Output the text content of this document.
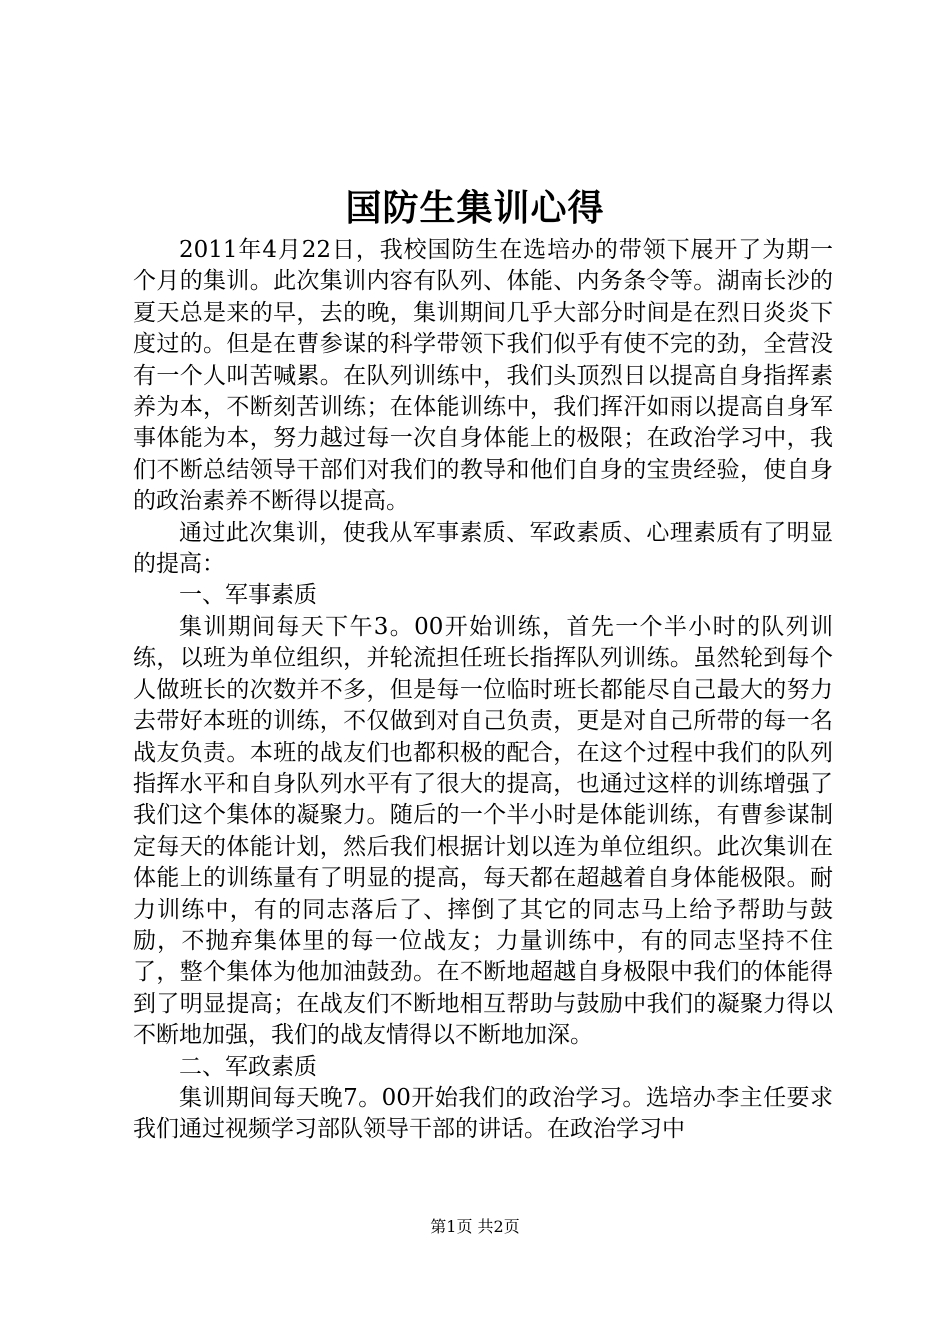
国防生集训心得

2011年4月22日，我校国防生在选培办的带领下展开了为期一个月的集训。此次集训内容有队列、体能、内务条令等。湖南长沙的夏天总是来的早，去的晚，集训期间几乎大部分时间是在烈日炎炎下度过的。但是在曹参谋的科学带领下我们似乎有使不完的劲，全营没有一个人叫苦喊累。在队列训练中，我们头顶烈日以提高自身指挥素养为本，不断刻苦训练；在体能训练中，我们挥汗如雨以提高自身军事体能为本，努力越过每一次自身体能上的极限；在政治学习中，我们不断总结领导干部们对我们的教导和他们自身的宝贵经验，使自身的政治素养不断得以提高。

通过此次集训，使我从军事素质、军政素质、心理素质有了明显的提高：

一、军事素质

集训期间每天下午3。00开始训练，首先一个半小时的队列训练，以班为单位组织，并轮流担任班长指挥队列训练。虽然轮到每个人做班长的次数并不多，但是每一位临时班长都能尽自己最大的努力去带好本班的训练，不仅做到对自己负责，更是对自己所带的每一名战友负责。本班的战友们也都积极的配合，在这个过程中我们的队列指挥水平和自身队列水平有了很大的提高，也通过这样的训练增强了我们这个集体的凝聚力。随后的一个半小时是体能训练，有曹参谋制定每天的体能计划，然后我们根据计划以连为单位组织。此次集训在体能上的训练量有了明显的提高，每天都在超越着自身体能极限。耐力训练中，有的同志落后了、摔倒了其它的同志马上给予帮助与鼓励，不抛弃集体里的每一位战友；力量训练中，有的同志坚持不住了，整个集体为他加油鼓劲。在不断地超越自身极限中我们的体能得到了明显提高；在战友们不断地相互帮助与鼓励中我们的凝聚力得以不断地加强，我们的战友情得以不断地加深。

二、军政素质

集训期间每天晚7。00开始我们的政治学习。选培办李主任要求我们通过视频学习部队领导干部的讲话。在政治学习中

第1页 共2页
